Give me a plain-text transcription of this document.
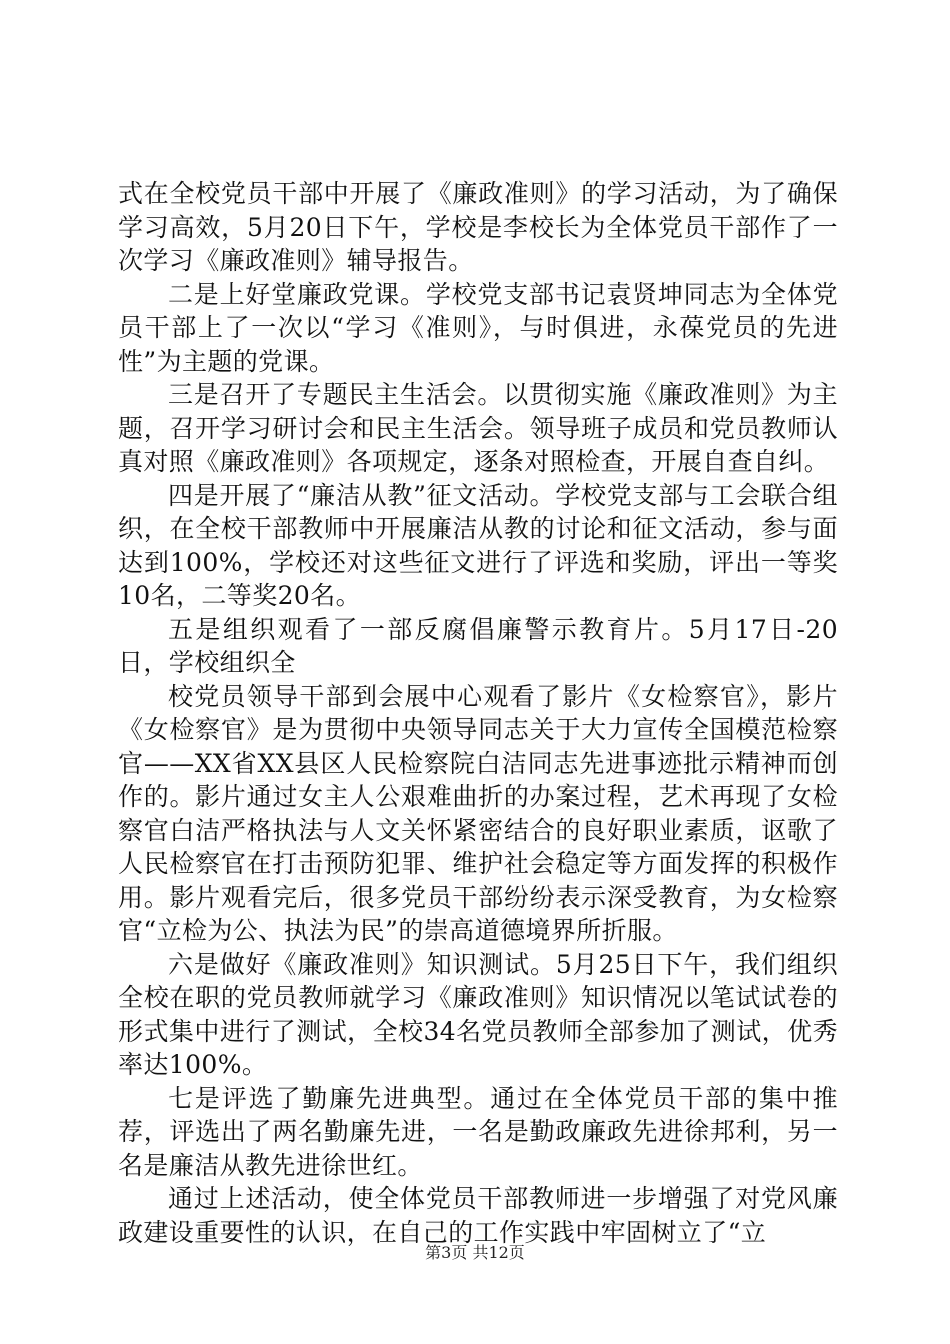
式在全校党员干部中开展了《廉政准则》的学习活动，为了确保学习高效，5月20日下午，学校是李校长为全体党员干部作了一次学习《廉政准则》辅导报告。

二是上好堂廉政党课。学校党支部书记袁贤坤同志为全体党员干部上了一次以“学习《准则》，与时俱进，永葆党员的先进性”为主题的党课。

三是召开了专题民主生活会。以贯彻实施《廉政准则》为主题，召开学习研讨会和民主生活会。领导班子成员和党员教师认真对照《廉政准则》各项规定，逐条对照检查，开展自查自纠。

四是开展了“廉洁从教”征文活动。学校党支部与工会联合组织，在全校干部教师中开展廉洁从教的讨论和征文活动，参与面达到100%，学校还对这些征文进行了评选和奖励，评出一等奖10名，二等奖20名。

五是组织观看了一部反腐倡廉警示教育片。5月17日-20日，学校组织全

校党员领导干部到会展中心观看了影片《女检察官》，影片《女检察官》是为贯彻中央领导同志关于大力宣传全国模范检察官——XX省XX县区人民检察院白洁同志先进事迹批示精神而创作的。影片通过女主人公艰难曲折的办案过程，艺术再现了女检察官白洁严格执法与人文关怀紧密结合的良好职业素质，讴歌了人民检察官在打击预防犯罪、维护社会稳定等方面发挥的积极作用。影片观看完后，很多党员干部纷纷表示深受教育，为女检察官“立检为公、执法为民”的崇高道德境界所折服。

六是做好《廉政准则》知识测试。5月25日下午，我们组织全校在职的党员教师就学习《廉政准则》知识情况以笔试试卷的形式集中进行了测试，全校34名党员教师全部参加了测试，优秀率达100%。

七是评选了勤廉先进典型。通过在全体党员干部的集中推荐，评选出了两名勤廉先进，一名是勤政廉政先进徐邦利，另一名是廉洁从教先进徐世红。

通过上述活动，使全体党员干部教师进一步增强了对党风廉政建设重要性的认识，在自己的工作实践中牢固树立了“立

第3页 共12页
